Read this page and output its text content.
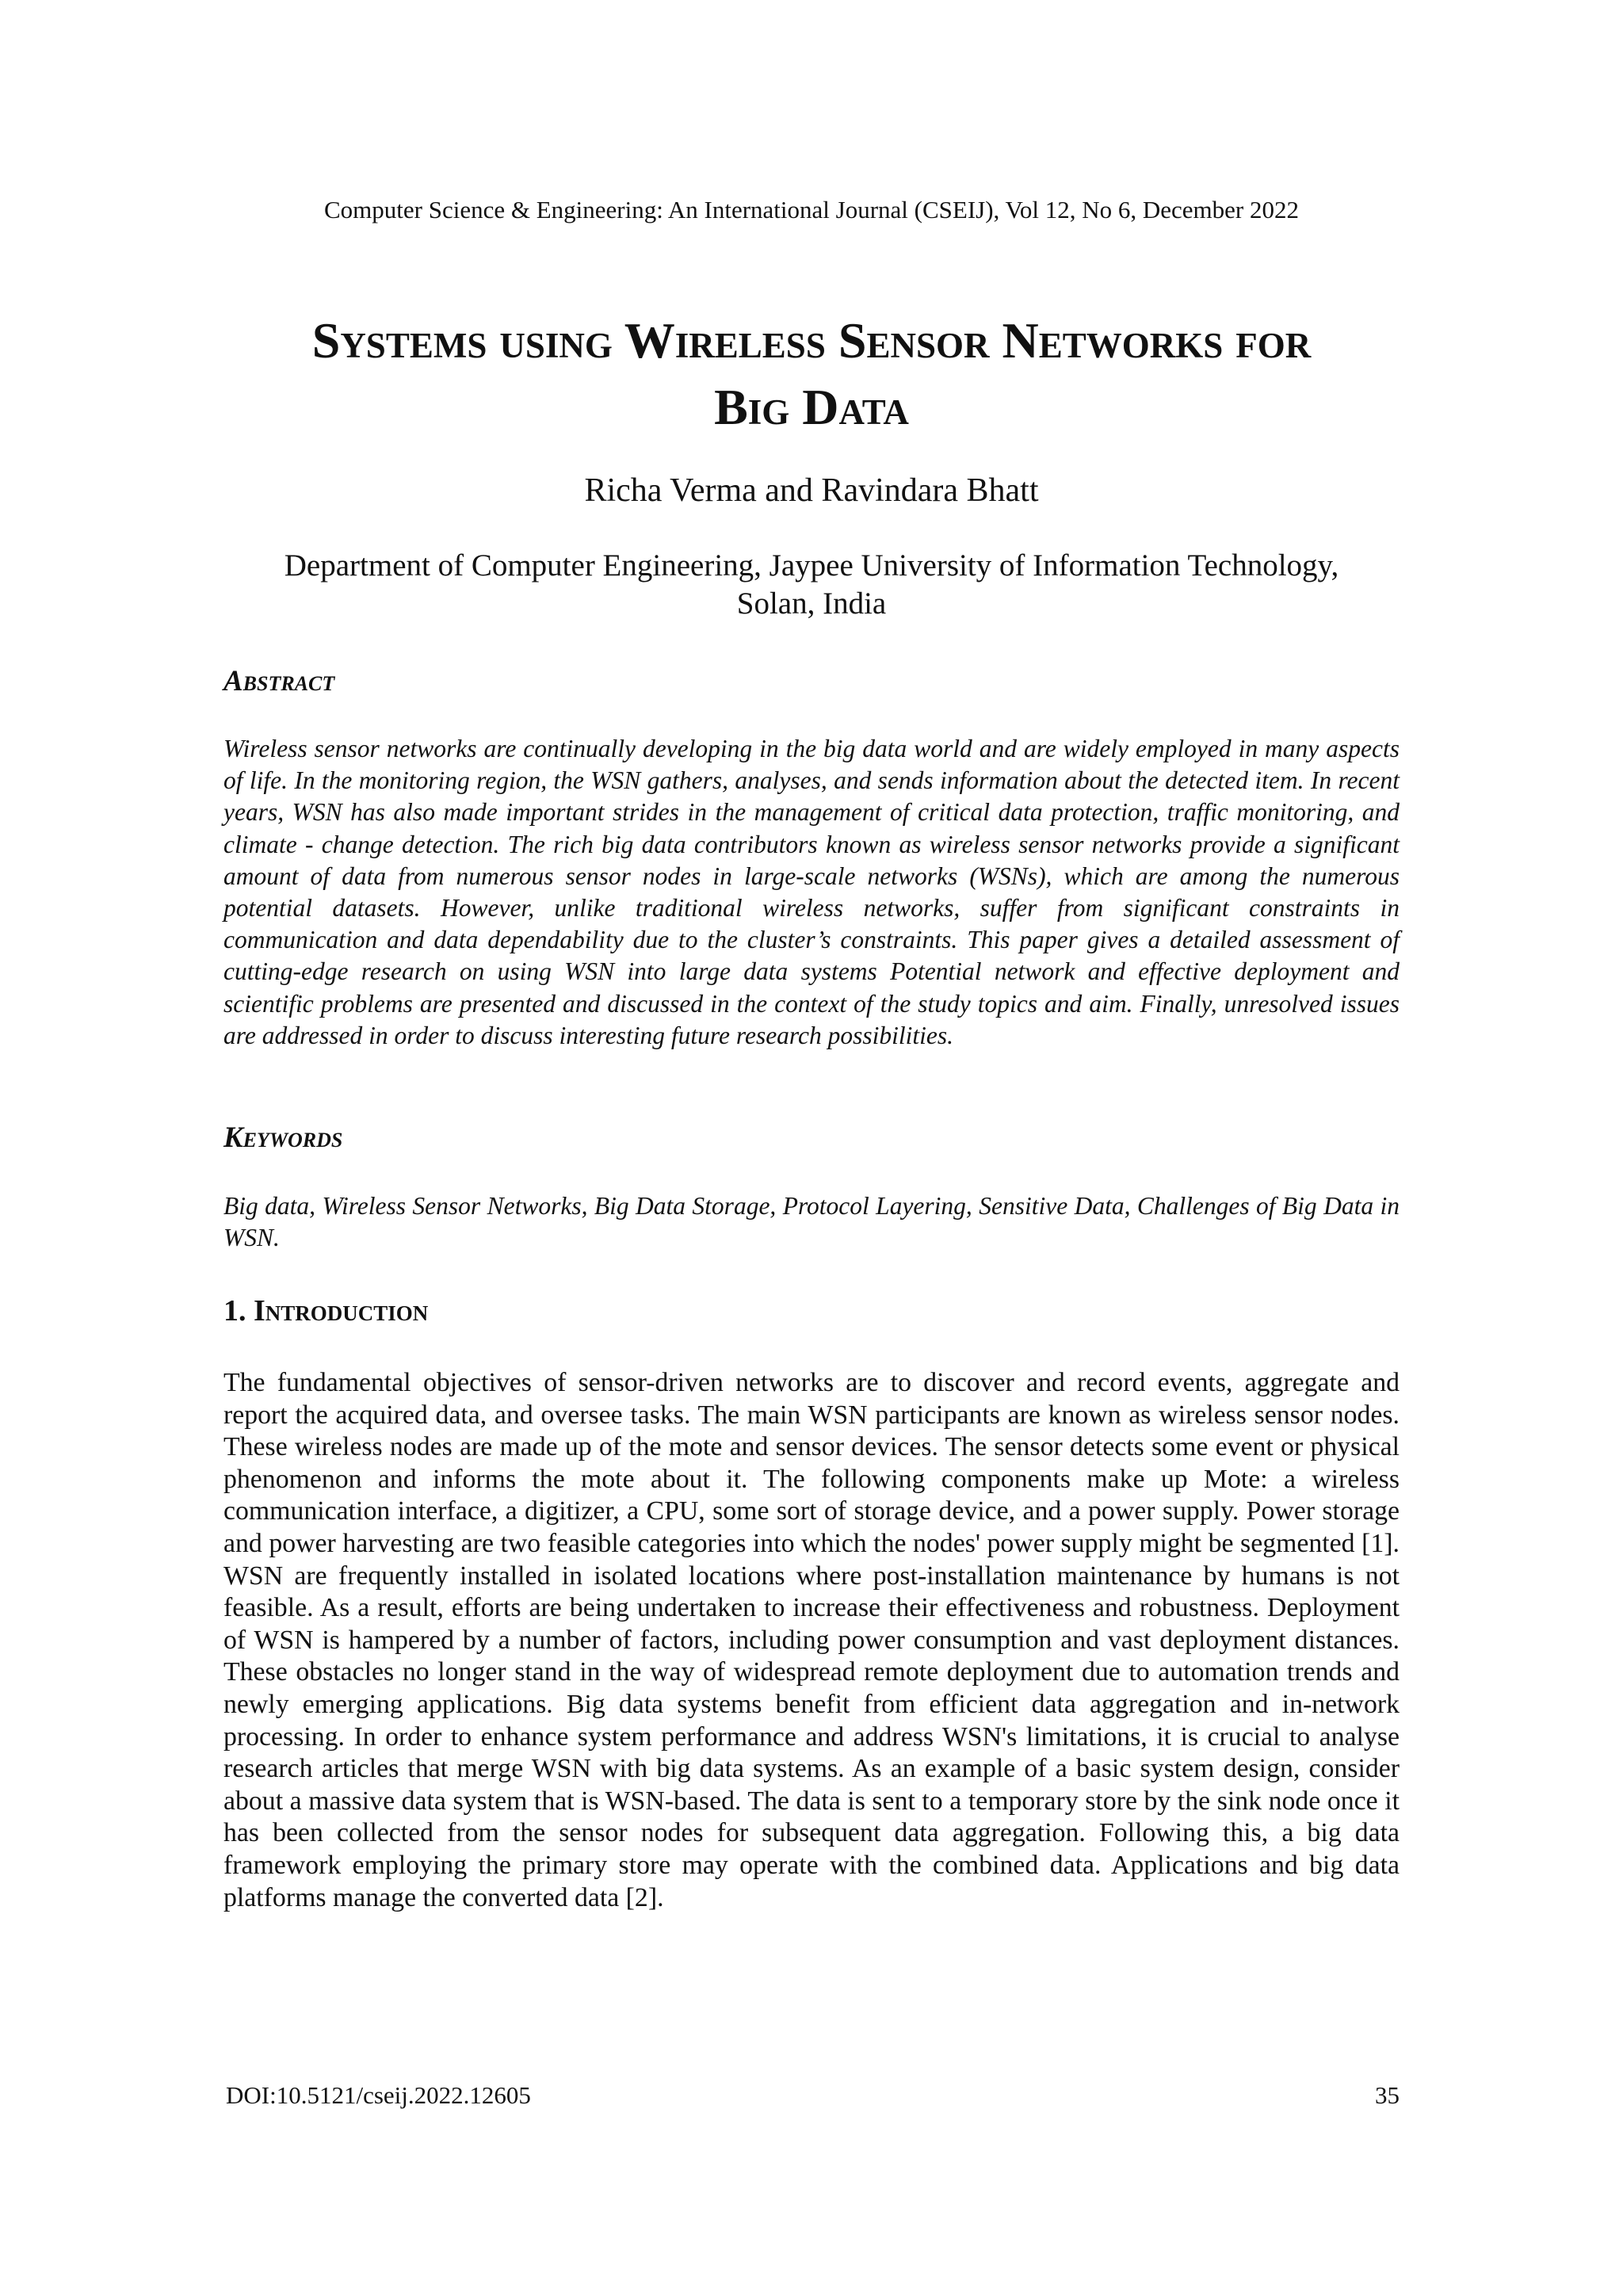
Computer Science & Engineering: An International Journal (CSEIJ), Vol 12, No 6, December 2022
Systems using Wireless Sensor Networks for
Big Data
Richa Verma and Ravindara Bhatt
Department of Computer Engineering, Jaypee University of Information Technology,
Solan, India
Abstract
Wireless sensor networks are continually developing in the big data world and are widely employed in many aspects of life. In the monitoring region, the WSN gathers, analyses, and sends information about the detected item. In recent years, WSN has also made important strides in the management of critical data protection, traffic monitoring, and climate - change detection. The rich big data contributors known as wireless sensor networks provide a significant amount of data from numerous sensor nodes in large-scale networks (WSNs), which are among the numerous potential datasets. However, unlike traditional wireless networks, suffer from significant constraints in communication and data dependability due to the cluster’s constraints. This paper gives a detailed assessment of cutting-edge research on using WSN into large data systems Potential network and effective deployment and scientific problems are presented and discussed in the context of the study topics and aim. Finally, unresolved issues are addressed in order to discuss interesting future research possibilities.
Keywords
Big data, Wireless Sensor Networks, Big Data Storage, Protocol Layering, Sensitive Data, Challenges of Big Data in WSN.
1. Introduction
The fundamental objectives of sensor-driven networks are to discover and record events, aggregate and report the acquired data, and oversee tasks. The main WSN participants are known as wireless sensor nodes. These wireless nodes are made up of the mote and sensor devices. The sensor detects some event or physical phenomenon and informs the mote about it. The following components make up Mote: a wireless communication interface, a digitizer, a CPU, some sort of storage device, and a power supply. Power storage and power harvesting are two feasible categories into which the nodes' power supply might be segmented [1]. WSN are frequently installed in isolated locations where post-installation maintenance by humans is not feasible. As a result, efforts are being undertaken to increase their effectiveness and robustness. Deployment of WSN is hampered by a number of factors, including power consumption and vast deployment distances. These obstacles no longer stand in the way of widespread remote deployment due to automation trends and newly emerging applications. Big data systems benefit from efficient data aggregation and in-network processing. In order to enhance system performance and address WSN's limitations, it is crucial to analyse research articles that merge WSN with big data systems. As an example of a basic system design, consider about a massive data system that is WSN-based. The data is sent to a temporary store by the sink node once it has been collected from the sensor nodes for subsequent data aggregation. Following this, a big data framework employing the primary store may operate with the combined data. Applications and big data platforms manage the converted data [2].
DOI:10.5121/cseij.2022.12605	35
